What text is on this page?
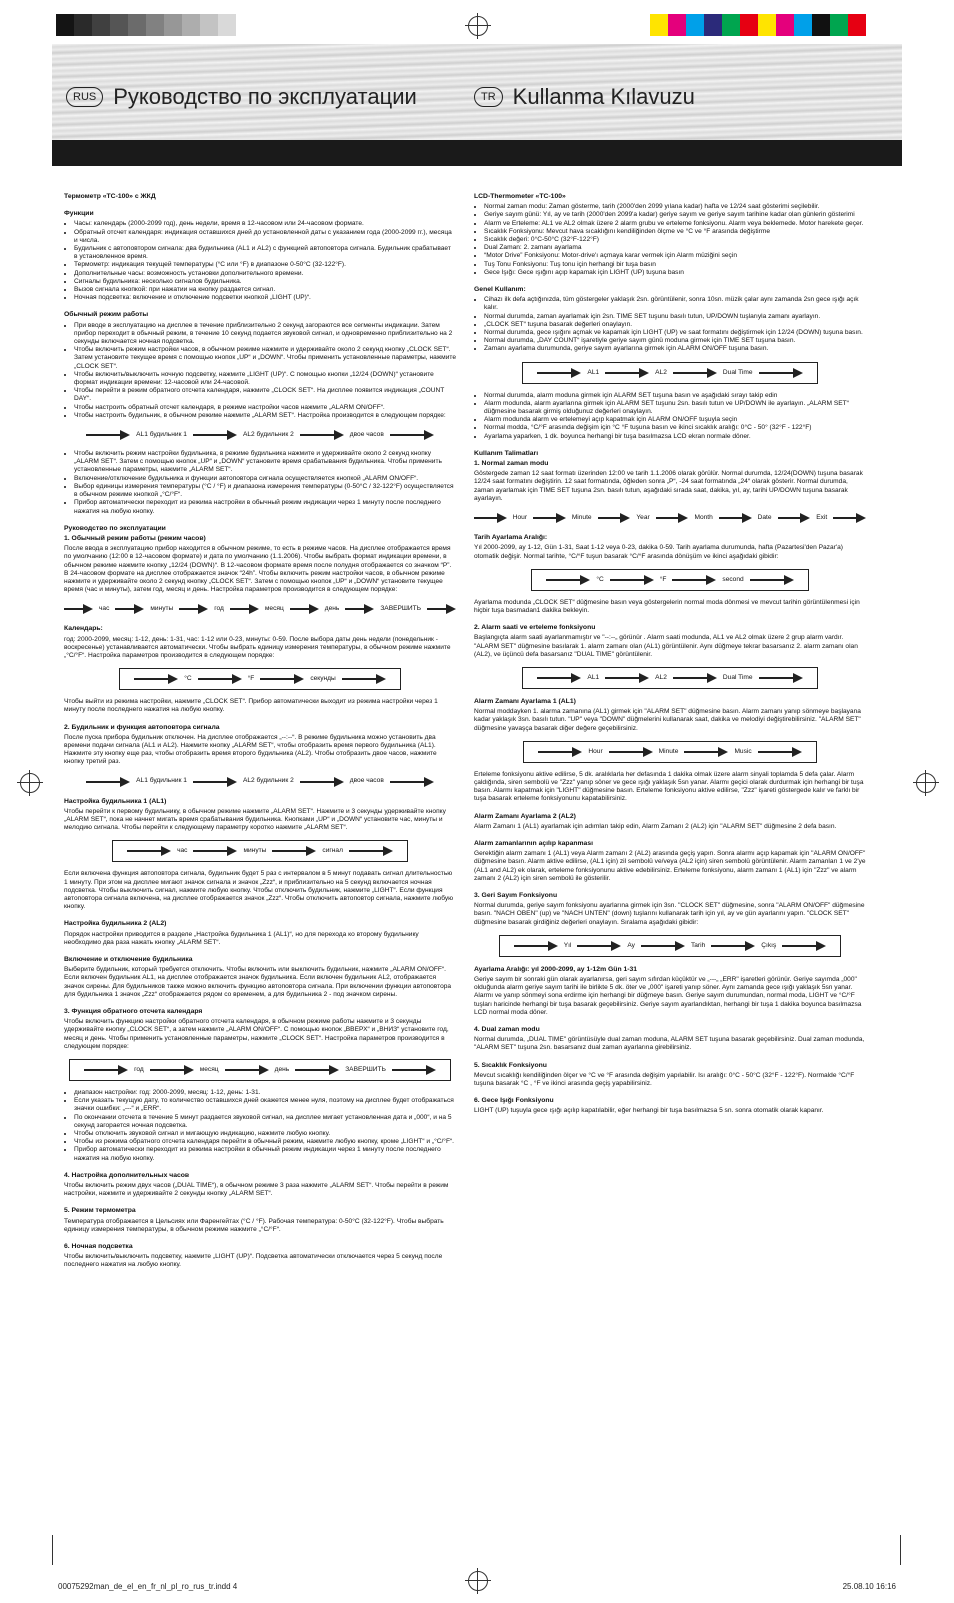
RUS Руководство по эксплуатации	TR Kullanma Kılavuzu
Термометр «TC-100» с ЖКД
Функции
• Часы: календарь (2000-2099 год), день недели, время в 12-часовом или 24-часовом формате.
• Обратный отсчет календаря: индикация оставшихся дней до установленной даты с указанием года (2000-2099 гг.), месяца и числа.
• Будильник с автоповтором сигнала: два будильника (AL1 и AL2) с функцией автоповтора сигнала. Будильник срабатывает в установленное время.
• Термометр: индикация текущей температуры (°C или °F) в диапазоне 0-50°C (32-122°F).
• Дополнительные часы: возможность установки дополнительного времени.
• Сигналы будильника: несколько сигналов будильника.
• Вызов сигнала кнопкой: при нажатии на кнопку раздается сигнал.
• Ночная подсветка: включение и отключение подсветки кнопкой „LIGHT (UP)“.
Обычный режим работы
• При вводе в эксплуатацию на дисплее в течение приблизительно 2 секунд загораются все сегменты индикации. Затем прибор переходит в обычный режим, в течение 10 секунд подается звуковой сигнал, и одновременно приблизительно на 2 секунды включается ночная подсветка.
• Чтобы включить режим настройки часов, в обычном режиме нажмите и удерживайте около 2 секунд кнопку „CLOCK SET“. Затем установите текущее время с помощью кнопок „UP“ и „DOWN“. Чтобы применить установленные параметры, нажмите „CLOCK SET“.
• Чтобы включить/выключить ночную подсветку, нажмите „LIGHT (UP)“. С помощью кнопки „12/24 (DOWN)“ установите формат индикации времени: 12-часовой или 24-часовой.
• Чтобы перейти в режим обратного отсчета календаря, нажмите „CLOCK SET“. На дисплее появится индикация „COUNT DAY“.
• Чтобы настроить обратный отсчет календаря, в режиме настройки часов нажмите „ALARM ON/OFF“.
• Чтобы настроить будильник, в обычном режиме нажмите „ALARM SET“. Настройка производится в следующем порядке:
AL1 будильник 1	AL2 будильник 2	двое часов
• Чтобы включить режим настройки будильника, в режиме будильника нажмите и удерживайте около 2 секунд кнопку „ALARM SET“. Затем с помощью кнопок „UP“ и „DOWN“ установите время срабатывания будильника. Чтобы применить установленные параметры, нажмите „ALARM SET“.
• Включение/отключение будильника и функции автоповтора сигнала осуществляется кнопкой „ALARM ON/OFF“.
• Выбор единицы измерения температуры (°C / °F) и диапазона измерения температуры (0-50°C / 32-122°F) осуществляется в обычном режиме кнопкой „°C/°F“.
• Прибор автоматически переходит из режима настройки в обычный режим индикации через 1 минуту после последнего нажатия на любую кнопку.
Руководство по эксплуатации
1. Обычный режим работы (режим часов)

После ввода в эксплуатацию прибор находится в обычном режиме, то есть в режиме часов. На дисплее отображается время по умолчанию (12:00 в 12-часовом формате) и дата по умолчанию (1.1.2006). Чтобы выбрать формат индикации времени, в обычном режиме нажмите кнопку „12/24 (DOWN)“. В 12-часовом формате время после полудня отображается со значком “P”. В 24-часовом формате на дисплее отображается значок “24h”. Чтобы включить режим настройки часов, в обычном режиме нажмите и удерживайте около 2 секунд кнопку „CLOCK SET“. Затем с помощью кнопок „UP“ и „DOWN“ установите текущее время (час и минуты), затем год, месяц и день. Настройка параметров производится в следующем порядке:

час	минуты	год	месяц	день	ЗАВЕРШИТЬ
Календарь:

год: 2000-2099, месяц: 1-12, день: 1-31, час: 1-12 или 0-23, минуты: 0-59. После выбора даты день недели (понедельник - воскресенье) устанавливается автоматически. Чтобы выбрать единицу измерения температуры, в обычном режиме нажмите „°C/°F“. Настройка параметров производится в следующем порядке:

°C	°F	секунды

Чтобы выйти из режима настройки, нажмите „CLOCK SET“. Прибор автоматически выходит из режима настройки через 1 минуту после последнего нажатия на любую кнопку.

2. Будильник и функция автоповтора сигнала

После пуска прибора будильник отключен. На дисплее отображается „--:--“. В режиме будильника можно установить два времени подачи сигнала (AL1 и AL2). Нажмите кнопку „ALARM SET“, чтобы отобразить время первого будильника (AL1). Нажмите эту кнопку еще раз, чтобы отобразить время второго будильника (AL2). Чтобы отобразить двое часов, нажмите кнопку третий раз.

AL1 будильник 1	AL2 будильник 2	двое часов
Настройка будильника 1 (AL1)

Чтобы перейти к первому будильнику, в обычном режиме нажмите „ALARM SET“. Нажмите и 3 секунды удерживайте кнопку „ALARM SET“, пока не начнет мигать время срабатывания будильника. Кнопками „UP“ и „DOWN“ установите час, минуты и мелодию сигнала. Чтобы перейти к следующему параметру коротко нажмите „ALARM SET“.

час	минуты	сигнал

Если включена функция автоповтора сигнала, будильник будет 5 раз с интервалом в 5 минут подавать сигнал длительностью 1 минуту. При этом на дисплее мигают значок сигнала и значок „Zzz“, и приблизительно на 5 секунд включается ночная подсветка. Чтобы выключить сигнал, нажмите любую кнопку. Чтобы отключить будильник, нажмите „LIGHT“. Если функция автоповтора сигнала включена, на дисплее отображается значок „Zzz“. Чтобы отключить автоповтор сигнала, нажмите любую кнопку.

Настройка будильника 2 (AL2)

Порядок настройки приводится в разделе „Настройка будильника 1 (AL1)“, но для перехода ко второму будильнику необходимо два раза нажать кнопку „ALARM SET“.

Включение и отключение будильника

Выберите будильник, который требуется отключить. Чтобы включить или выключить будильник, нажмите „ALARM ON/OFF“. Если включен будильник AL1, на дисплее отображается значок будильника. Если включен будильник AL2, отображается значок сирены. Для будильников также можно включить функцию автоповтора сигнала. При включении функции автоповтора для будильника 1 значок „Zzz“ отображается рядом со временем, а для будильника 2 - под значком сирены.

3. Функция обратного отсчета календаря

Чтобы включить функцию настройки обратного отсчета календаря, в обычном режиме работы нажмите и 3 секунды удерживайте кнопку „CLOCK SET“, а затем нажмите „ALARM ON/OFF“. С помощью кнопок „ВВЕРХ“ и „ВНИЗ“ установите год, месяц и день. Чтобы применить установленные параметры, нажмите „CLOCK SET“. Настройка параметров производится в следующем порядке:

год	месяц	день	ЗАВЕРШИТЬ
• диапазон настройки: год: 2000-2099, месяц: 1-12, день: 1-31.
• Если указать текущую дату, то количество оставшихся дней окажется менее нуля, поэтому на дисплее будет отображаться значки ошибки: „---“ и „ERR“.
• По окончании отсчета в течение 5 минут раздается звуковой сигнал, на дисплее мигает установленная дата и „000“, и на 5 секунд загорается ночная подсветка.
• Чтобы отключить звуковой сигнал и мигающую индикацию, нажмите любую кнопку.
• Чтобы из режима обратного отсчета календаря перейти в обычный режим, нажмите любую кнопку, кроме „LIGHT“ и „°C/°F“.
• Прибор автоматически переходит из режима настройки в обычный режим индикации через 1 минуту после последнего нажатия на любую кнопку.
4. Настройка дополнительных часов

Чтобы включить режим двух часов („DUAL TIME“), в обычном режиме 3 раза нажмите „ALARM SET“. Чтобы перейти в режим настройки, нажмите и удерживайте 2 секунды кнопку „ALARM SET“.

5. Режим термометра

Температура отображается в Цельсиях или Фаренгейтах (°C / °F). Рабочая температура: 0-50°C (32-122°F). Чтобы выбрать единицу измерения температуры, в обычном режиме нажмите „°C/°F“.

6. Ночная подсветка

Чтобы включить/выключить подсветку, нажмите „LIGHT (UP)“. Подсветка автоматически отключается через 5 секунд после последнего нажатия на любую кнопку.

LCD-Thermometer «TC-100»
• Normal zaman modu: Zaman gösterme, tarih (2000'den 2099 yılana kadar) hafta ve 12/24 saat gösterimi seçilebilir.
• Geriye sayım günü: Yıl, ay ve tarih (2000'den 2099'a kadar) geriye sayım ve geriye sayım tarihine kadar olan günlerin gösterimi
• Alarm ve Erteleme: AL1 ve AL2 olmak üzere 2 alarm grubu ve erteleme fonksiyonu. Alarm veya beklemede. Motor harekete geçer.
• Sıcaklık Fonksiyonu: Mevcut hava sıcaklığını kendiliğinden ölçme ve °C ve °F arasında değiştirme
• Sıcaklık değeri: 0°C-50°C (32°F-122°F)
• Dual Zaman: 2. zamanı ayarlama
• “Motor Drive” Fonksiyonu: Motor-drive'ı açmaya karar vermek için Alarm müziğini seçin
• Tuş Tonu Fonksiyonu: Tuş tonu için herhangi bir tuşa basın
• Gece Işığı: Gece ışığını açıp kapamak için LIGHT (UP) tuşuna basın
Genel Kullanım:
• Cihazı ilk defa açtığınızda, tüm göstergeler yaklaşık 2sn. görüntülenir, sonra 10sn. müzik çalar aynı zamanda 2sn gece ışığı açık kalır.
• Normal durumda, zaman ayarlamak için 2sn. TIME SET tuşunu basılı tutun, UP/DOWN tuşlarıyla zamanı ayarlayın.
• „CLOCK SET“ tuşuna basarak değerleri onaylayın.
• Normal durumda, gece ışığını açmak ve kapamak için LIGHT (UP) ve saat formatını değiştirmek için 12/24 (DOWN) tuşuna basın.
• Normal durumda, „DAY COUNT“ işaretiyle geriye sayım günü moduna girmek için TIME SET tuşuna basın.
• Zamanı ayarlama durumunda, geriye sayım ayarlarına girmek için ALARM ON/OFF tuşuna basın.
AL1	AL2	Dual Time
• Normal durumda, alarm moduna girmek için ALARM SET tuşuna basın ve aşağıdaki sırayı takip edin
• Alarm modunda, alarm ayarlarına girmek için ALARM SET tuşunu 2sn. basılı tutun ve UP/DOWN ile ayarlayın. „ALARM SET“ düğmesine basarak girmiş olduğunuz değerleri onaylayın.
• Alarm modunda alarm ve ertelemeyi açıp kapatmak için ALARM ON/OFF tuşuyla seçin
• Normal modda, °C/°F arasında değişim için °C °F tuşuna basın ve ikinci sıcaklık aralığı: 0°C - 50° (32°F - 122°F)
• Ayarlama yaparken, 1 dk. boyunca herhangi bir tuşa basılmazsa LCD ekran normale döner.
Kullanım Talimatları
1. Normal zaman modu

Göstergede zaman 12 saat formatı üzerinden 12:00 ve tarih 1.1.2006 olarak görülür. Normal durumda, 12/24(DOWN) tuşuna basarak 12/24 saat formatını değiştirin. 12 saat formatında, öğleden sonra „P“, -24 saat formatında „24“ olarak gösterir. Normal durumda, zaman ayarlamak için TIME SET tuşuna 2sn. basılı tutun, aşağıdaki sırada saat, dakika, yıl, ay, tarihi UP/DOWN tuşuna basarak ayarlayın.

Hour	Minute	Year	Month	Date	Exit
Tarih Ayarlama Aralığı:

Yıl 2000-2099, ay 1-12, Gün 1-31, Saat 1-12 veya 0-23, dakika 0-59. Tarih ayarlama durumunda, hafta (Pazartesi'den Pazar'a) otomatik değişir. Normal tarihte, °C/°F tuşun basarak °C/°F arasında dönüşüm ve ikinci aşağıdaki gibidir:

°C	°F	second

Ayarlama modunda „CLOCK SET“ düğmesine basın veya göstergelerin normal moda dönmesi ve mevcut tarihin görüntülenmesi için hiçbir tuşa basmadan1 dakika bekleyin.

2. Alarm saati ve erteleme fonksiyonu

Başlangıçta alarm saati ayarlanmamıştır ve "--:--„ görünür . Alarm saati modunda, AL1 ve AL2 olmak üzere 2 grup alarm vardır. "ALARM SET" düğmesine basılarak 1. alarm zamanı olan (AL1) görüntülenir. Aynı düğmeye tekrar basarsanız 2. alarm zamanı olan (AL2), ve üçüncü defa basarsanız "DUAL TIME" görüntülenir.

AL1	AL2	Dual Time
Alarm Zamanı Ayarlama 1 (AL1)

Normal moddayken 1. alarma zamanına (AL1) girmek için "ALARM SET" düğmesine basın. Alarm zamanı yanıp sönmeye başlayana kadar yaklaşık 3sn. basılı tutun. "UP" veya "DOWN" düğmelerini kullanarak saat, dakika ve melodiyi değiştirebilirsiniz. "ALARM SET" düğmesine yavaşça basarak diğer değere geçebilirsiniz.

Hour	Minute	Music

Erteleme fonksiyonu aktive edilirse, 5 dk. aralıklarla her defasında 1 dakika olmak üzere alarm sinyali toplamda 5 defa çalar. Alarm çaldığında, siren sembolü ve "Zzz" yanıp söner ve gece ışığı yaklaşık 5sn yanar. Alarmı geçici olarak durdurmak için herhangi bir tuşa basın. Alarmı kapatmak için "LIGHT" düğmesine basın. Erteleme fonksiyonu aktive edilirse, "Zzz" işareti göstergede kalır ve farklı bir tuşa basarak erteleme fonksiyonunu kapatabilirsiniz.

Alarm Zamanı Ayarlama 2 (AL2)

Alarm Zamanı 1 (AL1) ayarlamak için adımları takip edin, Alarm Zamanı 2 (AL2) için "ALARM SET" düğmesine 2 defa basın.

Alarm zamanlarının açılıp kapanması

Gerektiğin alarm zamanı 1 (AL1) veya Alarm zamanı 2 (AL2) arasında geçiş yapın. Sonra alarmı açıp kapamak için "ALARM ON/OFF" düğmesine basın. Alarm aktive edilirse, (AL1 için) zil sembolü ve/veya (AL2 için) siren sembolü görüntülenir. Alarm zamanları 1 ve 2'ye (AL1 and AL2) ek olarak, erteleme fonksiyonunu aktive edebilirsiniz. Erteleme fonksiyonu, alarm zamanı 1 (AL1) için "Zzz" ve alarm zamanı 2 (AL2) için siren sembolü ile gösterilir.

3. Geri Sayım Fonksiyonu

Normal durumda, geriye sayım fonksiyonu ayarlarına girmek için 3sn. "CLOCK SET" düğmesine, sonra "ALARM ON/OFF" düğmesine basın. "NACH OBEN" (up) ve "NACH UNTEN" (down) tuşlarını kullanarak tarih için yıl, ay ve gün ayarlarını yapın. "CLOCK SET" düğmesine basarak girdiğiniz değerleri onaylayın. Sıralama aşağıdaki gibidir:

Yıl	Ay	Tarih	Çıkış
Ayarlama Aralığı: yıl 2000-2099, ay 1-12m Gün 1-31

Geriye sayım bir sonraki gün olarak ayarlanırsa, geri sayım sıfırdan küçüktür ve „---„ „ERR" işaretleri görünür. Geriye sayımda „000" olduğunda alarm geriye sayım tarihi ile birlikte 5 dk. öter ve „000" işareti yanıp söner. Aynı zamanda gece ışığı yaklaşık 5sn yanar. Alarmı ve yanıp sönmeyi sona erdirme için herhangi bir düğmeye basın. Geriye sayım durumundan, normal moda, LIGHT ve °C/°F tuşları haricinde herhangi bir tuşa basarak geçebilirsiniz. Geriye sayım ayarlandıktan, herhangi bir tuşa 1 dakika boyunca basılmazsa LCD normal moda döner.

4. Dual zaman modu

Normal durumda, „DUAL TIME" görüntüsüyle dual zaman moduna, ALARM SET tuşuna basarak geçebilirsiniz. Dual zaman modunda, "ALARM SET" tuşuna 2sn. basarsanız dual zaman ayarlarına girebilirsiniz.

5. Sıcaklık Fonksiyonu

Mevcut sıcaklığı kendiliğinden ölçer ve °C ve °F arasında değişim yapılabilir. Isı aralığı: 0°C - 50°C (32°F - 122°F). Normalde °C/°F tuşuna basarak °C , °F ve ikinci arasında geçiş yapabilirsiniz.

6. Gece Işığı Fonksiyonu

LIGHT (UP) tuşuyla gece ışığı açılıp kapatılabilir, eğer herhangi bir tuşa basılmazsa 5 sn. sonra otomatik olarak kapanır.

00075292man_de_el_en_fr_nl_pl_ro_rus_tr.indd 4	25.08.10 16:16
